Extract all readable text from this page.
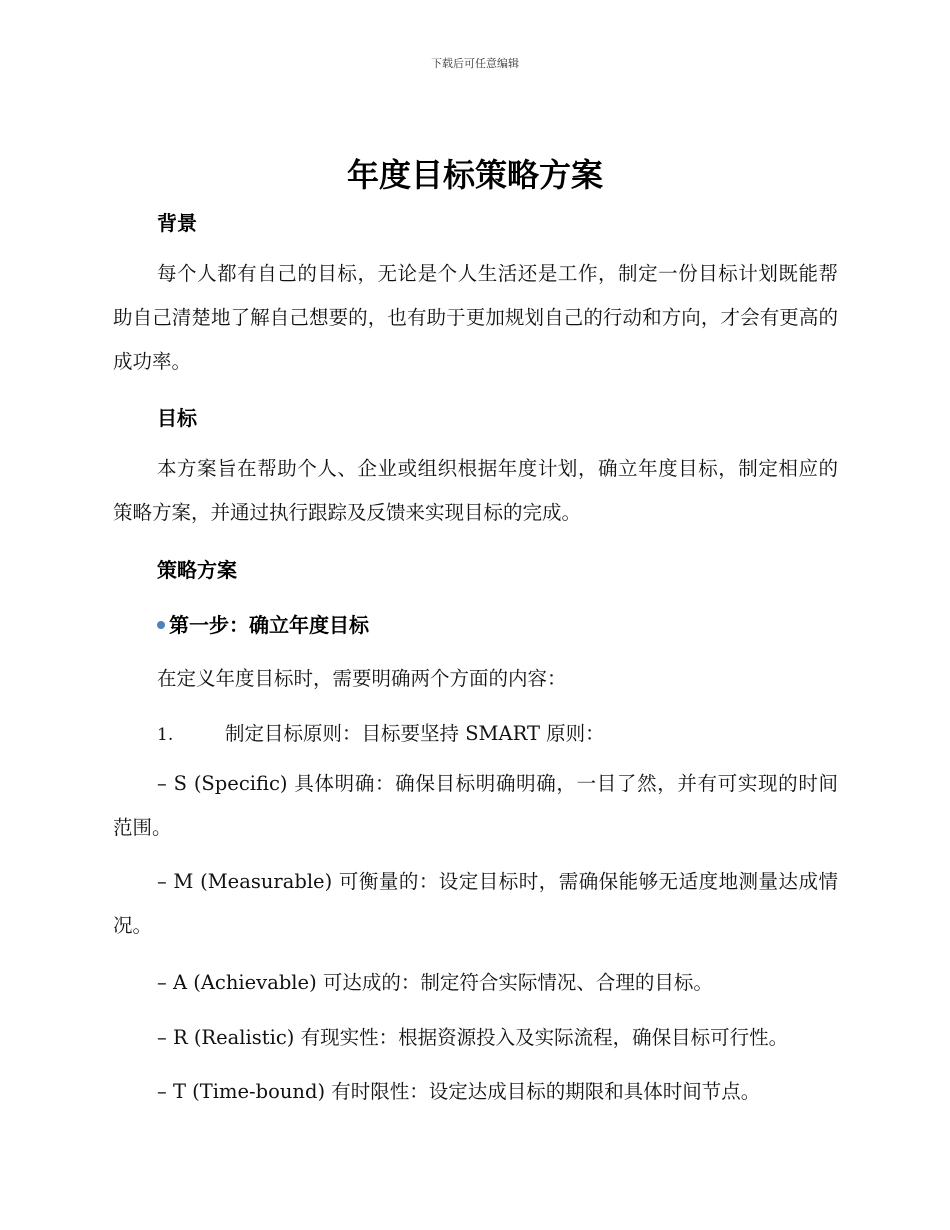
下载后可任意编辑
年度目标策略方案
背景

每个人都有自己的目标，无论是个人生活还是工作，制定一份目标计划既能帮助自己清楚地了解自己想要的，也有助于更加规划自己的行动和方向，才会有更高的成功率。

目标

本方案旨在帮助个人、企业或组织根据年度计划，确立年度目标，制定相应的策略方案，并通过执行跟踪及反馈来实现目标的完成。

策略方案
第一步：确立年度目标

在定义年度目标时，需要明确两个方面的内容：

1.	制定目标原则：目标要坚持 SMART 原则：

– S (Specific) 具体明确：确保目标明确明确，一目了然，并有可实现的时间范围。

– M (Measurable) 可衡量的：设定目标时，需确保能够无适度地测量达成情况。

– A (Achievable) 可达成的：制定符合实际情况、合理的目标。

– R (Realistic) 有现实性：根据资源投入及实际流程，确保目标可行性。

– T (Time-bound) 有时限性：设定达成目标的期限和具体时间节点。
